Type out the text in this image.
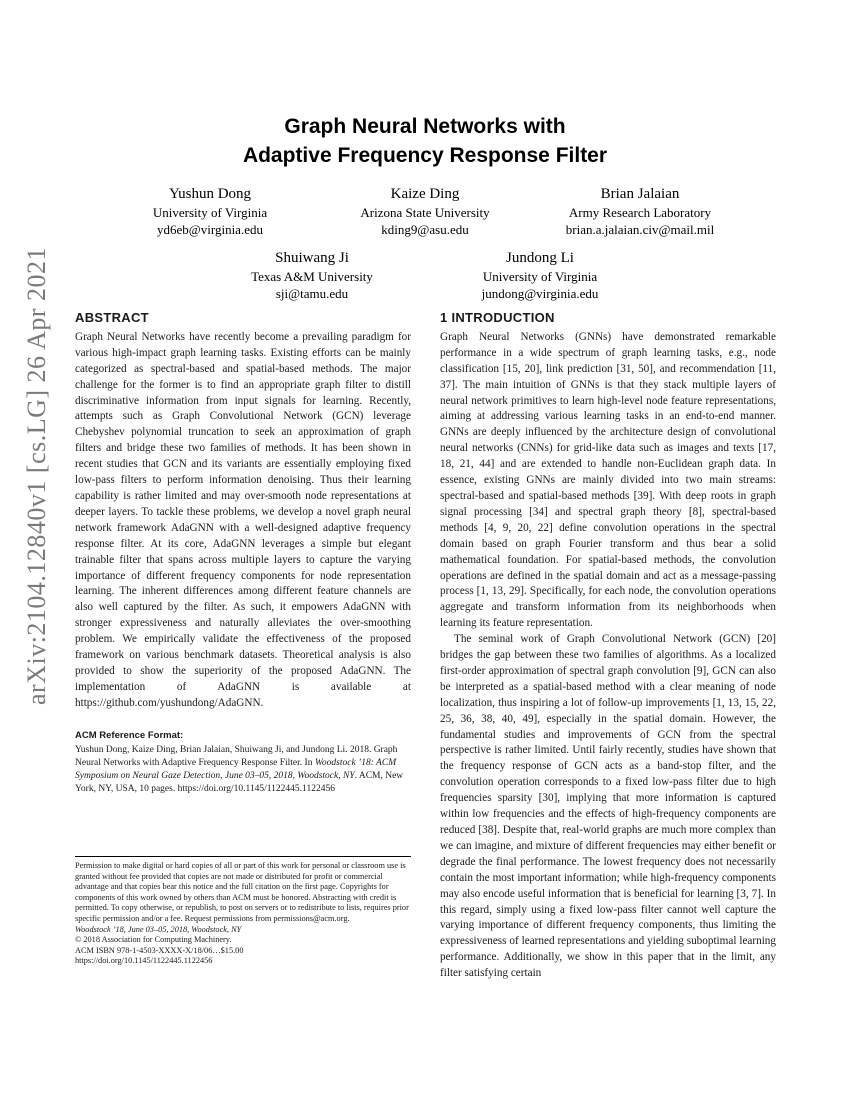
arXiv:2104.12840v1 [cs.LG] 26 Apr 2021
Graph Neural Networks with
Adaptive Frequency Response Filter
Yushun Dong
University of Virginia
yd6eb@virginia.edu
Kaize Ding
Arizona State University
kding9@asu.edu
Brian Jalaian
Army Research Laboratory
brian.a.jalaian.civ@mail.mil
Shuiwang Ji
Texas A&M University
sji@tamu.edu
Jundong Li
University of Virginia
jundong@virginia.edu
ABSTRACT

Graph Neural Networks have recently become a prevailing paradigm for various high-impact graph learning tasks. Existing efforts can be mainly categorized as spectral-based and spatial-based methods. The major challenge for the former is to find an appropriate graph filter to distill discriminative information from input signals for learning. Recently, attempts such as Graph Convolutional Network (GCN) leverage Chebyshev polynomial truncation to seek an approximation of graph filters and bridge these two families of methods. It has been shown in recent studies that GCN and its variants are essentially employing fixed low-pass filters to perform information denoising. Thus their learning capability is rather limited and may over-smooth node representations at deeper layers. To tackle these problems, we develop a novel graph neural network framework AdaGNN with a well-designed adaptive frequency response filter. At its core, AdaGNN leverages a simple but elegant trainable filter that spans across multiple layers to capture the varying importance of different frequency components for node representation learning. The inherent differences among different feature channels are also well captured by the filter. As such, it empowers AdaGNN with stronger expressiveness and naturally alleviates the over-smoothing problem. We empirically validate the effectiveness of the proposed framework on various benchmark datasets. Theoretical analysis is also provided to show the superiority of the proposed AdaGNN. The implementation of AdaGNN is available at https://github.com/yushundong/AdaGNN.

ACM Reference Format:
Yushun Dong, Kaize Ding, Brian Jalaian, Shuiwang Ji, and Jundong Li. 2018. Graph Neural Networks with Adaptive Frequency Response Filter. In Woodstock ’18: ACM Symposium on Neural Gaze Detection, June 03–05, 2018, Woodstock, NY. ACM, New York, NY, USA, 10 pages. https://doi.org/10.1145/1122445.1122456
Permission to make digital or hard copies of all or part of this work for personal or classroom use is granted without fee provided that copies are not made or distributed for profit or commercial advantage and that copies bear this notice and the full citation on the first page. Copyrights for components of this work owned by others than ACM must be honored. Abstracting with credit is permitted. To copy otherwise, or republish, to post on servers or to redistribute to lists, requires prior specific permission and/or a fee. Request permissions from permissions@acm.org.
Woodstock ’18, June 03–05, 2018, Woodstock, NY
© 2018 Association for Computing Machinery.
ACM ISBN 978-1-4503-XXXX-X/18/06…$15.00
https://doi.org/10.1145/1122445.1122456
1 INTRODUCTION

Graph Neural Networks (GNNs) have demonstrated remarkable performance in a wide spectrum of graph learning tasks, e.g., node classification [15, 20], link prediction [31, 50], and recommendation [11, 37]. The main intuition of GNNs is that they stack multiple layers of neural network primitives to learn high-level node feature representations, aiming at addressing various learning tasks in an end-to-end manner. GNNs are deeply influenced by the architecture design of convolutional neural networks (CNNs) for grid-like data such as images and texts [17, 18, 21, 44] and are extended to handle non-Euclidean graph data. In essence, existing GNNs are mainly divided into two main streams: spectral-based and spatial-based methods [39]. With deep roots in graph signal processing [34] and spectral graph theory [8], spectral-based methods [4, 9, 20, 22] define convolution operations in the spectral domain based on graph Fourier transform and thus bear a solid mathematical foundation. For spatial-based methods, the convolution operations are defined in the spatial domain and act as a message-passing process [1, 13, 29]. Specifically, for each node, the convolution operations aggregate and transform information from its neighborhoods when learning its feature representation.

The seminal work of Graph Convolutional Network (GCN) [20] bridges the gap between these two families of algorithms. As a localized first-order approximation of spectral graph convolution [9], GCN can also be interpreted as a spatial-based method with a clear meaning of node localization, thus inspiring a lot of follow-up improvements [1, 13, 15, 22, 25, 36, 38, 40, 49], especially in the spatial domain. However, the fundamental studies and improvements of GCN from the spectral perspective is rather limited. Until fairly recently, studies have shown that the frequency response of GCN acts as a band-stop filter, and the convolution operation corresponds to a fixed low-pass filter due to high frequencies sparsity [30], implying that more information is captured within low frequencies and the effects of high-frequency components are reduced [38]. Despite that, real-world graphs are much more complex than we can imagine, and mixture of different frequencies may either benefit or degrade the final performance. The lowest frequency does not necessarily contain the most important information; while high-frequency components may also encode useful information that is beneficial for learning [3, 7]. In this regard, simply using a fixed low-pass filter cannot well capture the varying importance of different frequency components, thus limiting the expressiveness of learned representations and yielding suboptimal learning performance. Additionally, we show in this paper that in the limit, any filter satisfying certain
